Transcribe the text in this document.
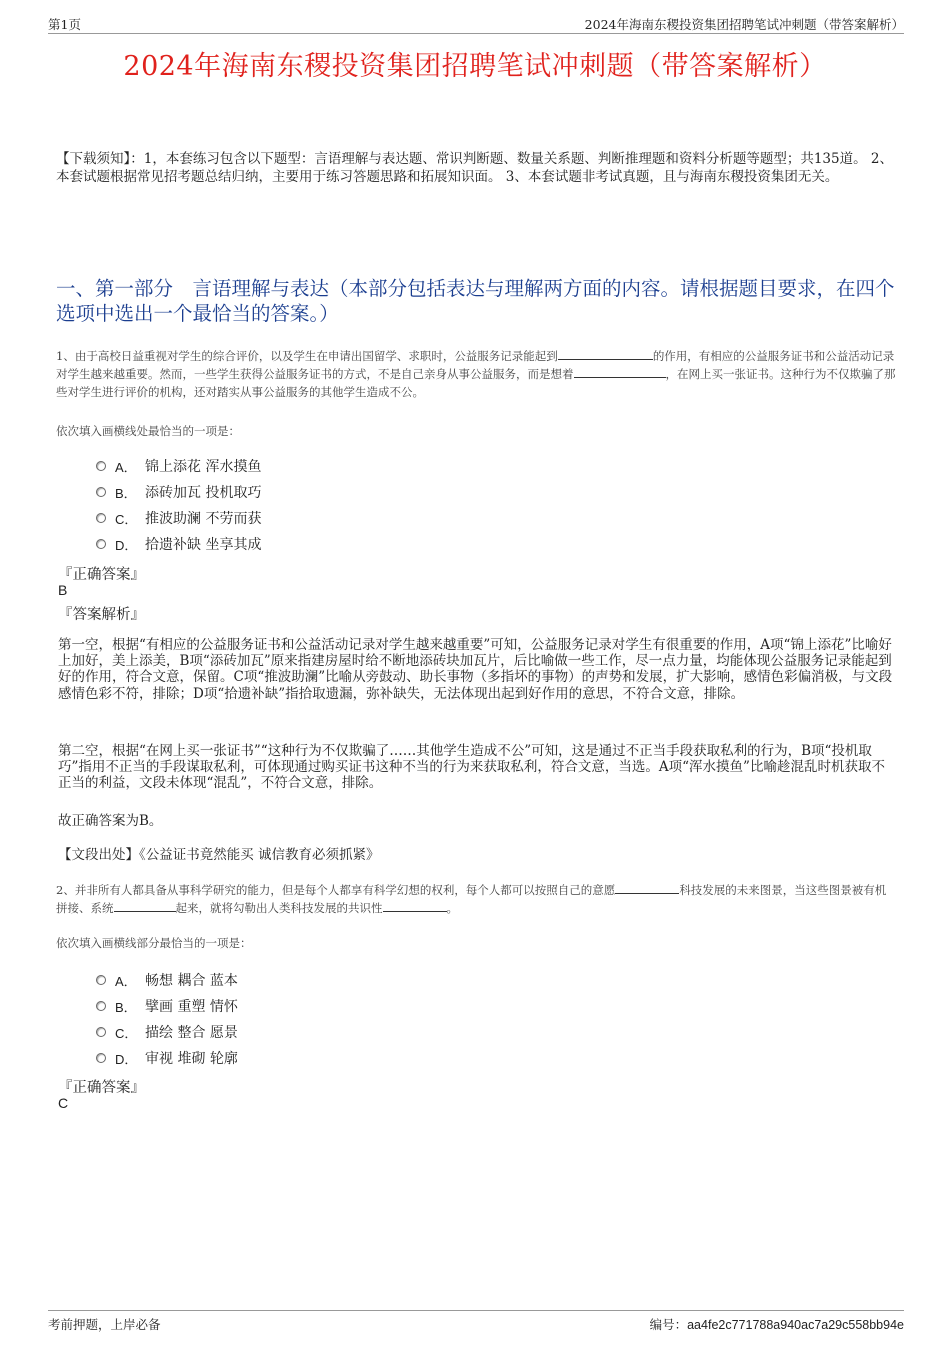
第1页	2024年海南东稷投资集团招聘笔试冲刺题（带答案解析）
2024年海南东稷投资集团招聘笔试冲刺题（带答案解析）
【下载须知】：1，本套练习包含以下题型：言语理解与表达题、常识判断题、数量关系题、判断推理题和资料分析题等题型；共135道。 2、本套试题根据常见招考题总结归纳，主要用于练习答题思路和拓展知识面。 3、本套试题非考试真题，且与海南东稷投资集团无关。
一、第一部分　言语理解与表达（本部分包括表达与理解两方面的内容。请根据题目要求，在四个选项中选出一个最恰当的答案。）
1、由于高校日益重视对学生的综合评价，以及学生在申请出国留学、求职时，公益服务记录能起到	的作用，有相应的公益服务证书和公益活动记录对学生越来越重要。然而，一些学生获得公益服务证书的方式，不是自己亲身从事公益服务，而是想着	，在网上买一张证书。这种行为不仅欺骗了那些对学生进行评价的机构，还对踏实从事公益服务的其他学生造成不公。
依次填入画横线处最恰当的一项是：
A． 锦上添花 浑水摸鱼
B． 添砖加瓦 投机取巧
C． 推波助澜 不劳而获
D． 拾遗补缺 坐享其成
『正确答案』
B
『答案解析』
第一空，根据“有相应的公益服务证书和公益活动记录对学生越来越重要”可知，公益服务记录对学生有很重要的作用，A项“锦上添花”比喻好上加好，美上添美，B项“添砖加瓦”原来指建房屋时给不断地添砖块加瓦片，后比喻做一些工作，尽一点力量，均能体现公益服务记录能起到好的作用，符合文意，保留。C项“推波助澜”比喻从旁鼓动、助长事物（多指坏的事物）的声势和发展，扩大影响，感情色彩偏消极，与文段感情色彩不符，排除；D项“拾遗补缺”指拾取遗漏，弥补缺失，无法体现出起到好作用的意思，不符合文意，排除。
第二空，根据“在网上买一张证书”“这种行为不仅欺骗了……其他学生造成不公”可知，这是通过不正当手段获取私利的行为，B项“投机取巧”指用不正当的手段谋取私利，可体现通过购买证书这种不当的行为来获取私利，符合文意，当选。A项“浑水摸鱼”比喻趁混乱时机获取不正当的利益，文段未体现“混乱”，不符合文意，排除。
故正确答案为B。
【文段出处】《公益证书竟然能买 诚信教育必须抓紧》
2、并非所有人都具备从事科学研究的能力，但是每个人都享有科学幻想的权利，每个人都可以按照自己的意愿	科技发展的未来图景，当这些图景被有机拼接、系统	起来，就将勾勒出人类科技发展的共识性	。
依次填入画横线部分最恰当的一项是：
A． 畅想 耦合 蓝本
B． 擘画 重塑 情怀
C． 描绘 整合 愿景
D． 审视 堆砌 轮廓
『正确答案』
C
考前押题，上岸必备	编号：aa4fe2c771788a940ac7a29c558bb94e
